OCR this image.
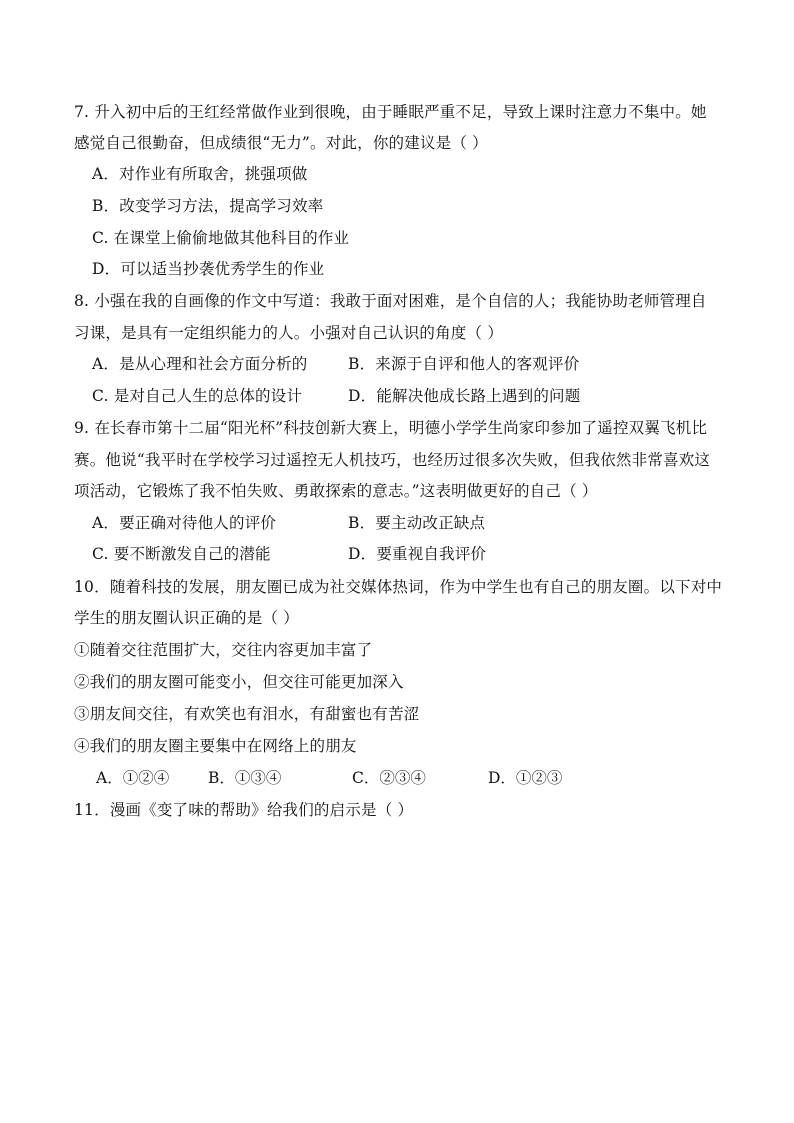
7. 升入初中后的王红经常做作业到很晚，由于睡眠严重不足，导致上课时注意力不集中。她
感觉自己很勤奋，但成绩很“无力”。对此，你的建议是（ ）
A．对作业有所取舍，挑强项做
B．改变学习方法，提高学习效率
C. 在课堂上偷偷地做其他科目的作业
D．可以适当抄袭优秀学生的作业
8. 小强在我的自画像的作文中写道：我敢于面对困难，是个自信的人；我能协助老师管理自
习课，是具有一定组织能力的人。小强对自己认识的角度（ ）
A．是从心理和社会方面分析的	B．来源于自评和他人的客观评价
C. 是对自己人生的总体的设计	D．能解决他成长路上遇到的问题
9. 在长春市第十二届“阳光杯”科技创新大赛上，明德小学学生尚家印参加了遥控双翼飞机比
赛。他说“我平时在学校学习过遥控无人机技巧，也经历过很多次失败，但我依然非常喜欢这
项活动，它锻炼了我不怕失败、勇敢探索的意志。”这表明做更好的自己（ ）
A．要正确对待他人的评价	B．要主动改正缺点
C. 要不断激发自己的潜能	D．要重视自我评价
10．随着科技的发展，朋友圈已成为社交媒体热词，作为中学生也有自己的朋友圈。以下对中
学生的朋友圈认识正确的是（ ）
①随着交往范围扩大，交往内容更加丰富了
②我们的朋友圈可能变小，但交往可能更加深入
③朋友间交往，有欢笑也有泪水，有甜蜜也有苦涩
④我们的朋友圈主要集中在网络上的朋友
A．①②④	B．①③④	C．②③④	D．①②③
11．漫画《变了味的帮助》给我们的启示是（ ）
